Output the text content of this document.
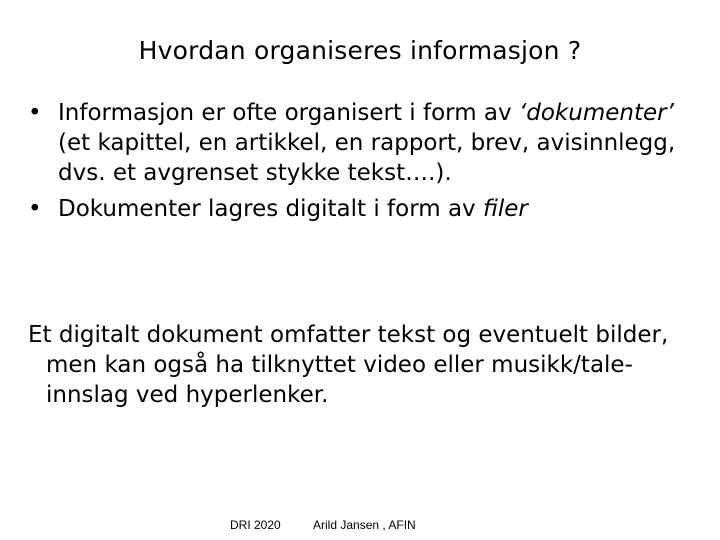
Hvordan organiseres informasjon ?
• Informasjon er ofte organisert i form av ‘dokumenter’ (et kapittel, en artikkel, en rapport, brev, avisinnlegg, dvs. et avgrenset stykke tekst….).
• Dokumenter lagres digitalt i form av filer
Et digitalt dokument omfatter tekst og eventuelt bilder, men kan også ha tilknyttet video eller musikk/tale- innslag ved hyperlenker.
DRI 2020	Arild Jansen , AFIN
